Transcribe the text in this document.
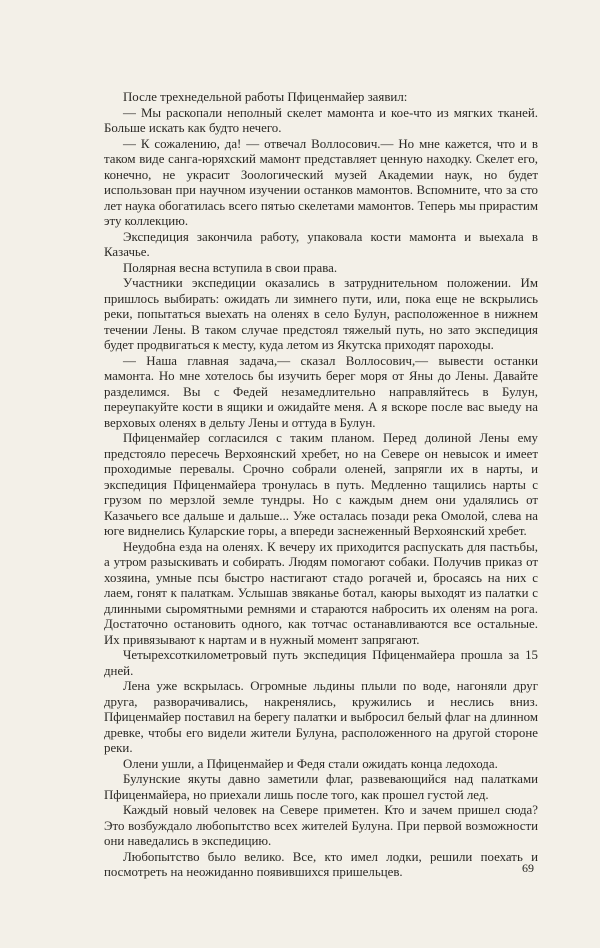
После трехнедельной работы Пфиценмайер заявил:

— Мы раскопали неполный скелет мамонта и кое-что из мягких тканей. Больше искать как будто нечего.

— К сожалению, да! — отвечал Воллосович.— Но мне кажется, что и в таком виде санга-юряхский мамонт представляет ценную находку. Скелет его, конечно, не украсит Зоологический музей Академии наук, но будет использован при научном изучении останков мамонтов. Вспомните, что за сто лет наука обогатилась всего пятью скелетами мамонтов. Теперь мы прирастим эту коллекцию.

Экспедиция закончила работу, упаковала кости мамонта и выехала в Казачье.

Полярная весна вступила в свои права.

Участники экспедиции оказались в затруднительном положении. Им пришлось выбирать: ожидать ли зимнего пути, или, пока еще не вскрылись реки, попытаться выехать на оленях в село Булун, расположенное в нижнем течении Лены. В таком случае предстоял тяжелый путь, но зато экспедиция будет продвигаться к месту, куда летом из Якутска приходят пароходы.

— Наша главная задача,— сказал Воллосович,— вывести останки мамонта. Но мне хотелось бы изучить берег моря от Яны до Лены. Давайте разделимся. Вы с Федей незамедлительно направляйтесь в Булун, переупакуйте кости в ящики и ожидайте меня. А я вскоре после вас выеду на верховых оленях в дельту Лены и оттуда в Булун.

Пфиценмайер согласился с таким планом. Перед долиной Лены ему предстояло пересечь Верхоянский хребет, но на Севере он невысок и имеет проходимые перевалы. Срочно собрали оленей, запрягли их в нарты, и экспедиция Пфиценмайера тронулась в путь. Медленно тащились нарты с грузом по мерзлой земле тундры. Но с каждым днем они удалялись от Казачьего все дальше и дальше... Уже осталась позади река Омолой, слева на юге виднелись Куларские горы, а впереди заснеженный Верхоянский хребет.

Неудобна езда на оленях. К вечеру их приходится распускать для пастьбы, а утром разыскивать и собирать. Людям помогают собаки. Получив приказ от хозяина, умные псы быстро настигают стадо рогачей и, бросаясь на них с лаем, гонят к палаткам. Услышав звяканье ботал, каюры выходят из палатки с длинными сыромятными ремнями и стараются набросить их оленям на рога. Достаточно остановить одного, как тотчас останавливаются все остальные. Их привязывают к нартам и в нужный момент запрягают.

Четырехсоткилометровый путь экспедиция Пфиценмайера прошла за 15 дней.

Лена уже вскрылась. Огромные льдины плыли по воде, нагоняли друг друга, разворачивались, накренялись, кружились и неслись вниз. Пфиценмайер поставил на берегу палатки и выбросил белый флаг на длинном древке, чтобы его видели жители Булуна, расположенного на другой стороне реки.

Олени ушли, а Пфиценмайер и Федя стали ожидать конца ледохода.

Булунские якуты давно заметили флаг, развевающийся над палатками Пфиценмайера, но приехали лишь после того, как прошел густой лед.

Каждый новый человек на Севере приметен. Кто и зачем пришел сюда? Это возбуждало любопытство всех жителей Булуна. При первой возможности они наведались в экспедицию.

Любопытство было велико. Все, кто имел лодки, решили поехать и посмотреть на неожиданно появившихся пришельцев.	69
